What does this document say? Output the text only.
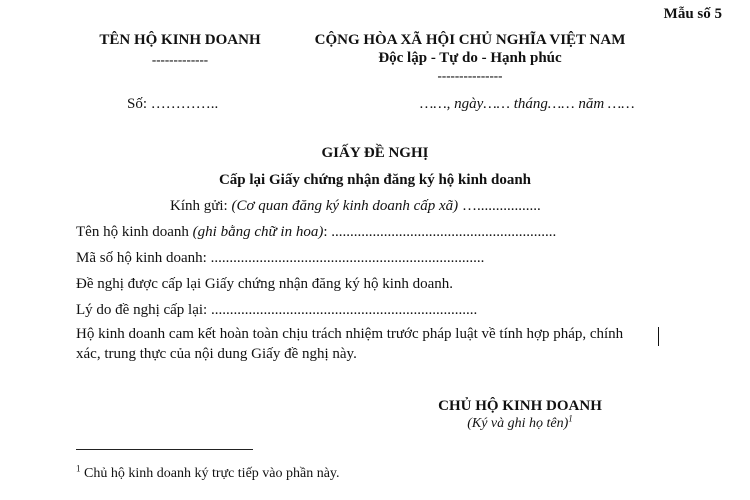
Mẫu số 5
TÊN HỘ KINH DOANH
-------------
CỘNG HÒA XÃ HỘI CHỦ NGHĨA VIỆT NAM
Độc lập - Tự do - Hạnh phúc
---------------
Số: …………..	……, ngày…… tháng…… năm ……
GIẤY ĐỀ NGHỊ
Cấp lại Giấy chứng nhận đăng ký hộ kinh doanh
Kính gửi: (Cơ quan đăng ký kinh doanh cấp xã) ….................
Tên hộ kinh doanh (ghi bằng chữ in hoa): ............................................................
Mã số hộ kinh doanh: .........................................................................
Đề nghị được cấp lại Giấy chứng nhận đăng ký hộ kinh doanh.
Lý do đề nghị cấp lại: .......................................................................
Hộ kinh doanh cam kết hoàn toàn chịu trách nhiệm trước pháp luật về tính hợp pháp, chính
xác, trung thực của nội dung Giấy đề nghị này.
CHỦ HỘ KINH DOANH
(Ký và ghi họ tên)$^1$
$^1$ Chủ hộ kinh doanh ký trực tiếp vào phần này.
